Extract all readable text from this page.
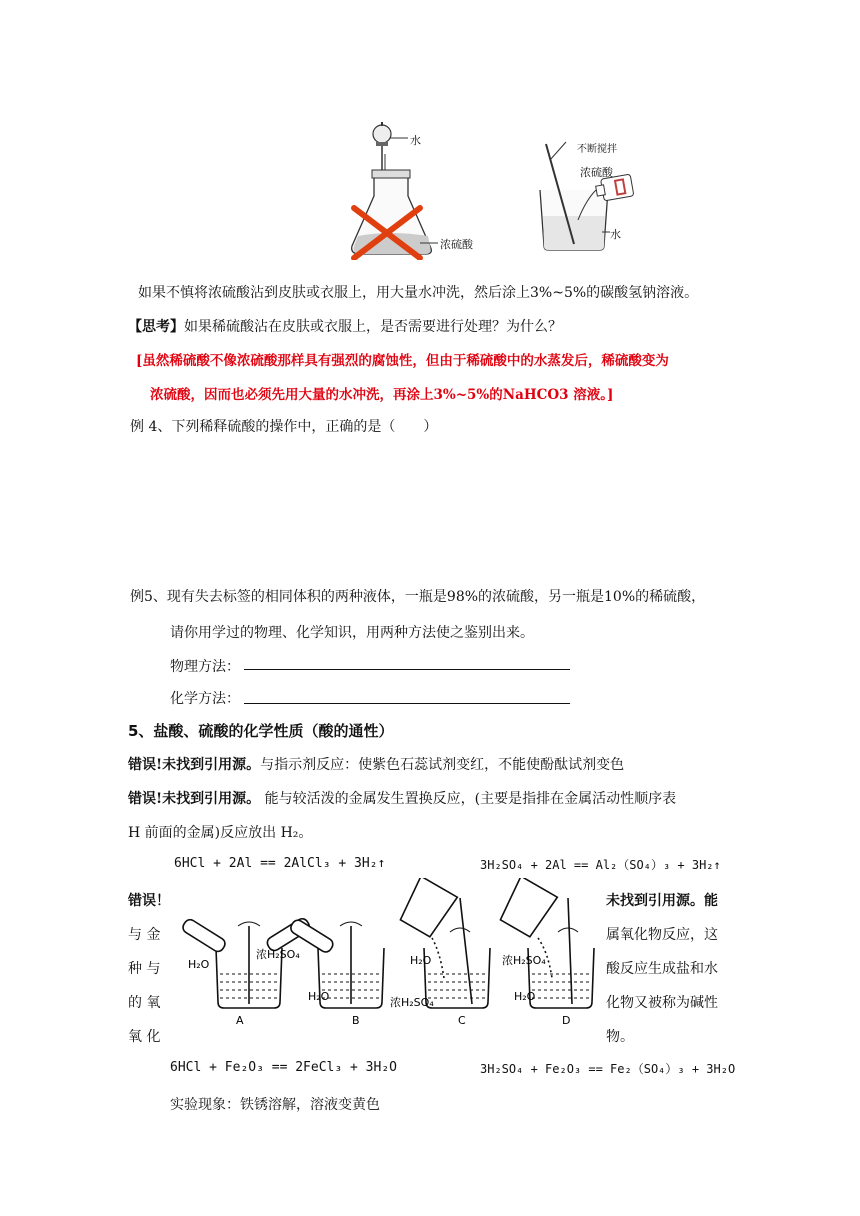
水
浓硫酸
不断搅拌
浓硫酸
水
如果不慎将浓硫酸沾到皮肤或衣服上，用大量水冲洗，然后涂上3%~5%的碳酸氢钠溶液。
【思考】如果稀硫酸沾在皮肤或衣服上，是否需要进行处理？为什么？
[虽然稀硫酸不像浓硫酸那样具有强烈的腐蚀性，但由于稀硫酸中的水蒸发后，稀硫酸变为
浓硫酸，因而也必须先用大量的水冲洗，再涂上3%~5%的NaHCO3 溶液。]
例 4、下列稀释硫酸的操作中，正确的是（　　）
例5、现有失去标签的相同体积的两种液体，一瓶是98%的浓硫酸，另一瓶是10%的稀硫酸，
请你用学过的物理、化学知识，用两种方法使之鉴别出来。
物理方法：
化学方法：
5、盐酸、硫酸的化学性质（酸的通性）
错误!未找到引用源。与指示剂反应：使紫色石蕊试剂变红，不能使酚酞试剂变色
错误!未找到引用源。 能与较活泼的金属发生置换反应，(主要是指排在金属活动性顺序表
H 前面的金属)反应放出 H₂。
6HCl + 2Al == 2AlCl₃ + 3H₂↑	3H₂SO₄ + 2Al == Al₂（SO₄）₃ + 3H₂↑
错误！
与 金
种 与
的 氧
氧 化
未找到引用源。能
属氧化物反应，这
酸反应生成盐和水
化物又被称为碱性
物。
H₂O
浓H₂SO₄
H₂O	浓H₂SO₄
H₂O	浓H₂SO₄
H₂O
A	B	C	D
6HCl + Fe₂O₃ == 2FeCl₃ + 3H₂O	3H₂SO₄ + Fe₂O₃ == Fe₂（SO₄）₃ + 3H₂O
实验现象：铁锈溶解，溶液变黄色
